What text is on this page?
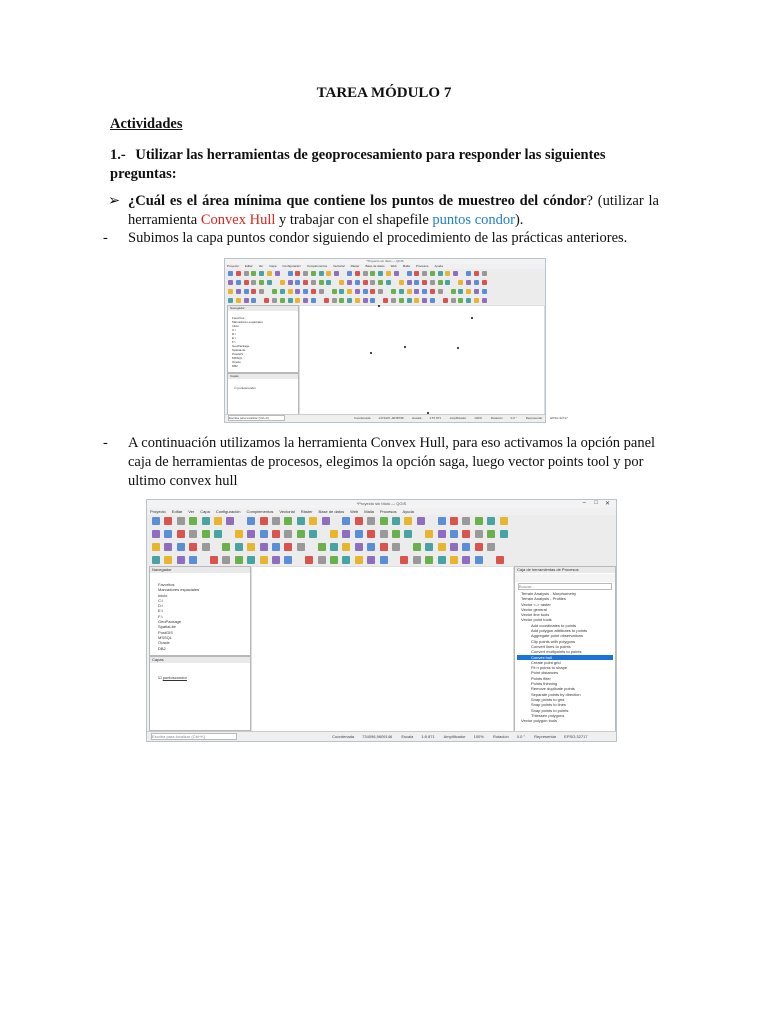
TAREA MÓDULO 7
Actividades
1.- Utilizar las herramientas de geoprocesamiento para responder las siguientes preguntas:
➢ ¿Cuál es el área mínima que contiene los puntos de muestreo del cóndor? (utilizar la herramienta Convex Hull y trabajar con el shapefile puntos condor).
- Subimos la capa puntos condor siguiendo el procedimiento de las prácticas anteriores.
*Proyecto sin título — QGIS
Proyecto Editar Ver Capa Configuración Complementos Vectorial Ráster Base de datos Web Malla Procesos Ayuda
Navegador
Favoritos
Marcadores espaciales
Inicio
C:\
D:\
E:\
F:\
GeoPackage
SpatiaLite
PostGIS
MSSQL
Oracle
DB2
Capas
☑ puntoscondor
Escriba para localizar (Ctrl+K)	Coordenada	1474407,-9638798	Escala	1:57 871	Amplificador	100%	Rotación	0.0 °	Representar	EPSG:32717
- A continuación utilizamos la herramienta Convex Hull, para eso activamos la opción panel caja de herramientas de procesos, elegimos la opción saga, luego vector points tool y por ultimo convex hull
*Proyecto sin título — QGIS	– □ ✕
Proyecto Editar Ver Capa Configuración Complementos Vectorial Ráster Base de datos Web Malla Procesos Ayuda
Navegador
Favoritos
Marcadores espaciales
Inicio
C:\
D:\
E:\
F:\
GeoPackage
SpatiaLite
PostGIS
MSSQL
Oracle
DB2
Capas
☑ puntoscondor
Caja de herramientas de Procesos
Buscar...
Terrain Analysis - Morphometry
Terrain Analysis - Profiles
Vector <-> raster
Vector general
Vector line tools
Vector point tools
Add coordinates to points
Add polygon attributes to points
Aggregate point observations
Clip points with polygons
Convert lines to points
Convert multipoints to points
Convex hull
Create point grid
Fit n points to shape
Point distances
Points filter
Points thinning
Remove duplicate points
Separate points by direction
Snap points to grid
Snap points to lines
Snap points to points
Thiessen polygons
Vector polygon tools
Escriba para localizar (Ctrl+K)	Coordenada 734098,9609146 Escala 1:8 871 Amplificador 100% Rotación 0.0 ° Representar EPSG:32717
